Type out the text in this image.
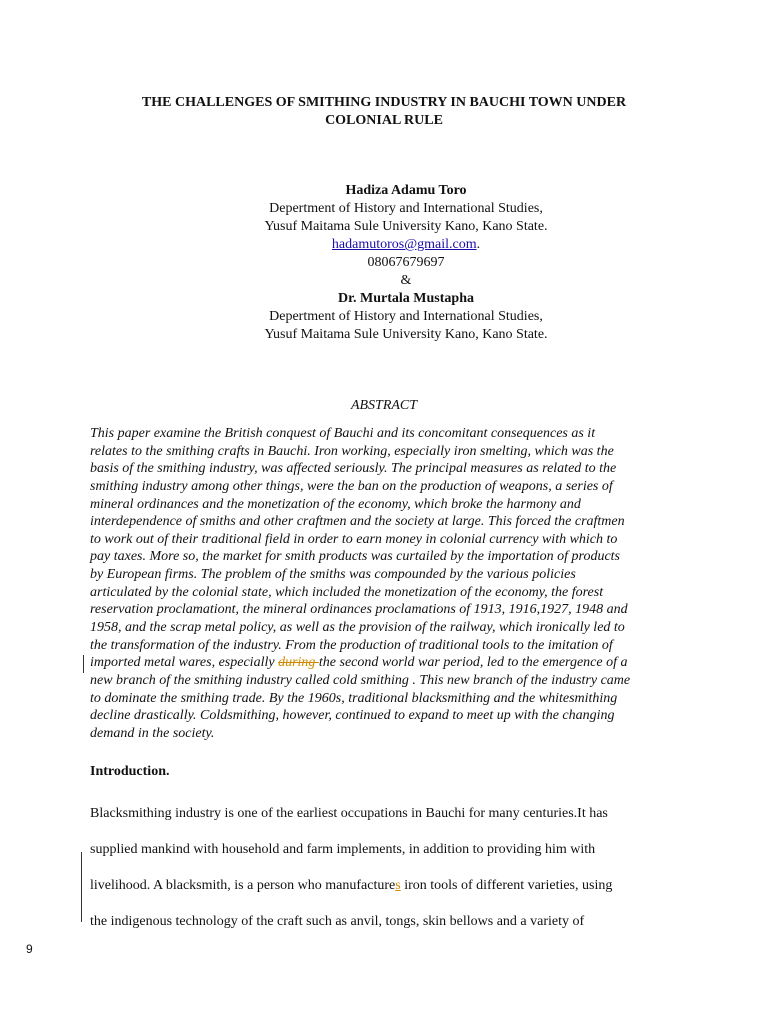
THE CHALLENGES OF SMITHING INDUSTRY IN BAUCHI TOWN UNDER
COLONIAL RULE
Hadiza Adamu Toro
Depertment of History and International Studies,
Yusuf Maitama Sule University Kano, Kano State.
hadamutoros@gmail.com.
08067679697
&
Dr. Murtala Mustapha
Depertment of History and International Studies,
Yusuf Maitama Sule University Kano, Kano State.
ABSTRACT
This paper examine the British conquest of Bauchi and its concomitant consequences as it
relates to the smithing crafts in Bauchi. Iron working, especially iron smelting, which was the
basis of the smithing industry, was affected seriously. The principal measures as related to the
smithing industry among other things, were the ban on the production of weapons, a series of
mineral ordinances and the monetization of the economy, which broke the harmony and
interdependence of smiths and other craftmen and the society at large. This forced the craftmen
to work out of their traditional field in order to earn money in colonial currency with which to
pay taxes. More so, the market for smith products was curtailed by the importation of products
by European firms. The problem of the smiths was compounded by the various policies
articulated by the colonial state, which included the monetization of the economy, the forest
reservation proclamationt, the mineral ordinances proclamations of 1913, 1916,1927, 1948 and
1958, and the scrap metal policy, as well as the provision of the railway, which ironically led to
the transformation of the industry. From the production of traditional tools to the imitation of
imported metal wares, especially during the second world war period, led to the emergence of a
new branch of the smithing industry called cold smithing . This new branch of the industry came
to dominate the smithing trade. By the 1960s, traditional blacksmithing and the whitesmithing
decline drastically. Coldsmithing, however, continued to expand to meet up with the changing
demand in the society.
Introduction.
Blacksmithing industry is one of the earliest occupations in Bauchi for many centuries.It has
supplied mankind with household and farm implements, in addition to providing him with
livelihood. A blacksmith, is a person who manufactures iron tools of different varieties, using
the indigenous technology of the craft such as anvil, tongs, skin bellows and a variety of
9
